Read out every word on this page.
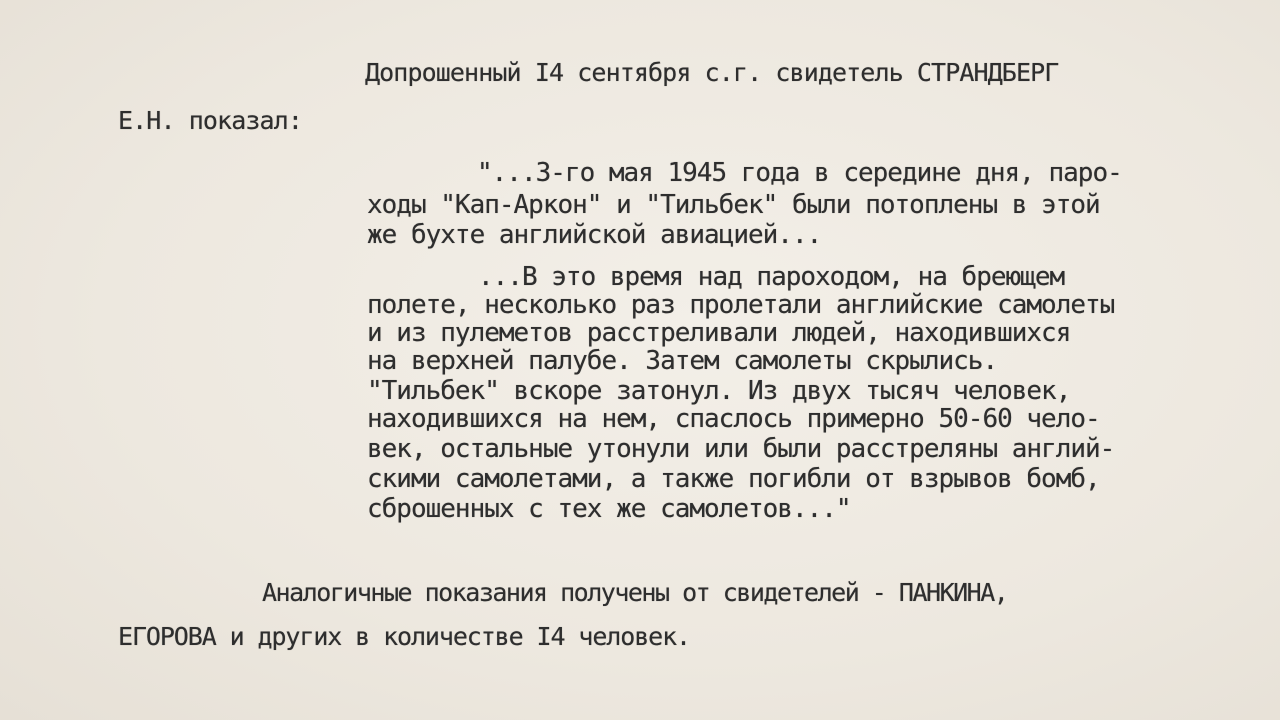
Допрошенный I4 сентября с.г. свидетель СТРАНДБЕРГ
Е.Н. показал:
"...3-го мая 1945 года в середине дня, паро-
ходы "Кап-Аркон" и "Тильбек" были потоплены в этой
же бухте английской авиацией...
...В это время над пароходом, на бреющем
полете, несколько раз пролетали английские самолеты
и из пулеметов расстреливали людей, находившихся
на верхней палубе. Затем самолеты скрылись.
"Тильбек" вскоре затонул. Из двух тысяч человек,
находившихся на нем, спаслось примерно 50-60 чело-
век, остальные утонули или были расстреляны англий-
скими самолетами, а также погибли от взрывов бомб,
сброшенных с тех же самолетов..."
Аналогичные показания получены от свидетелей - ПАНКИНА,
ЕГОРОВА и других в количестве I4 человек.
